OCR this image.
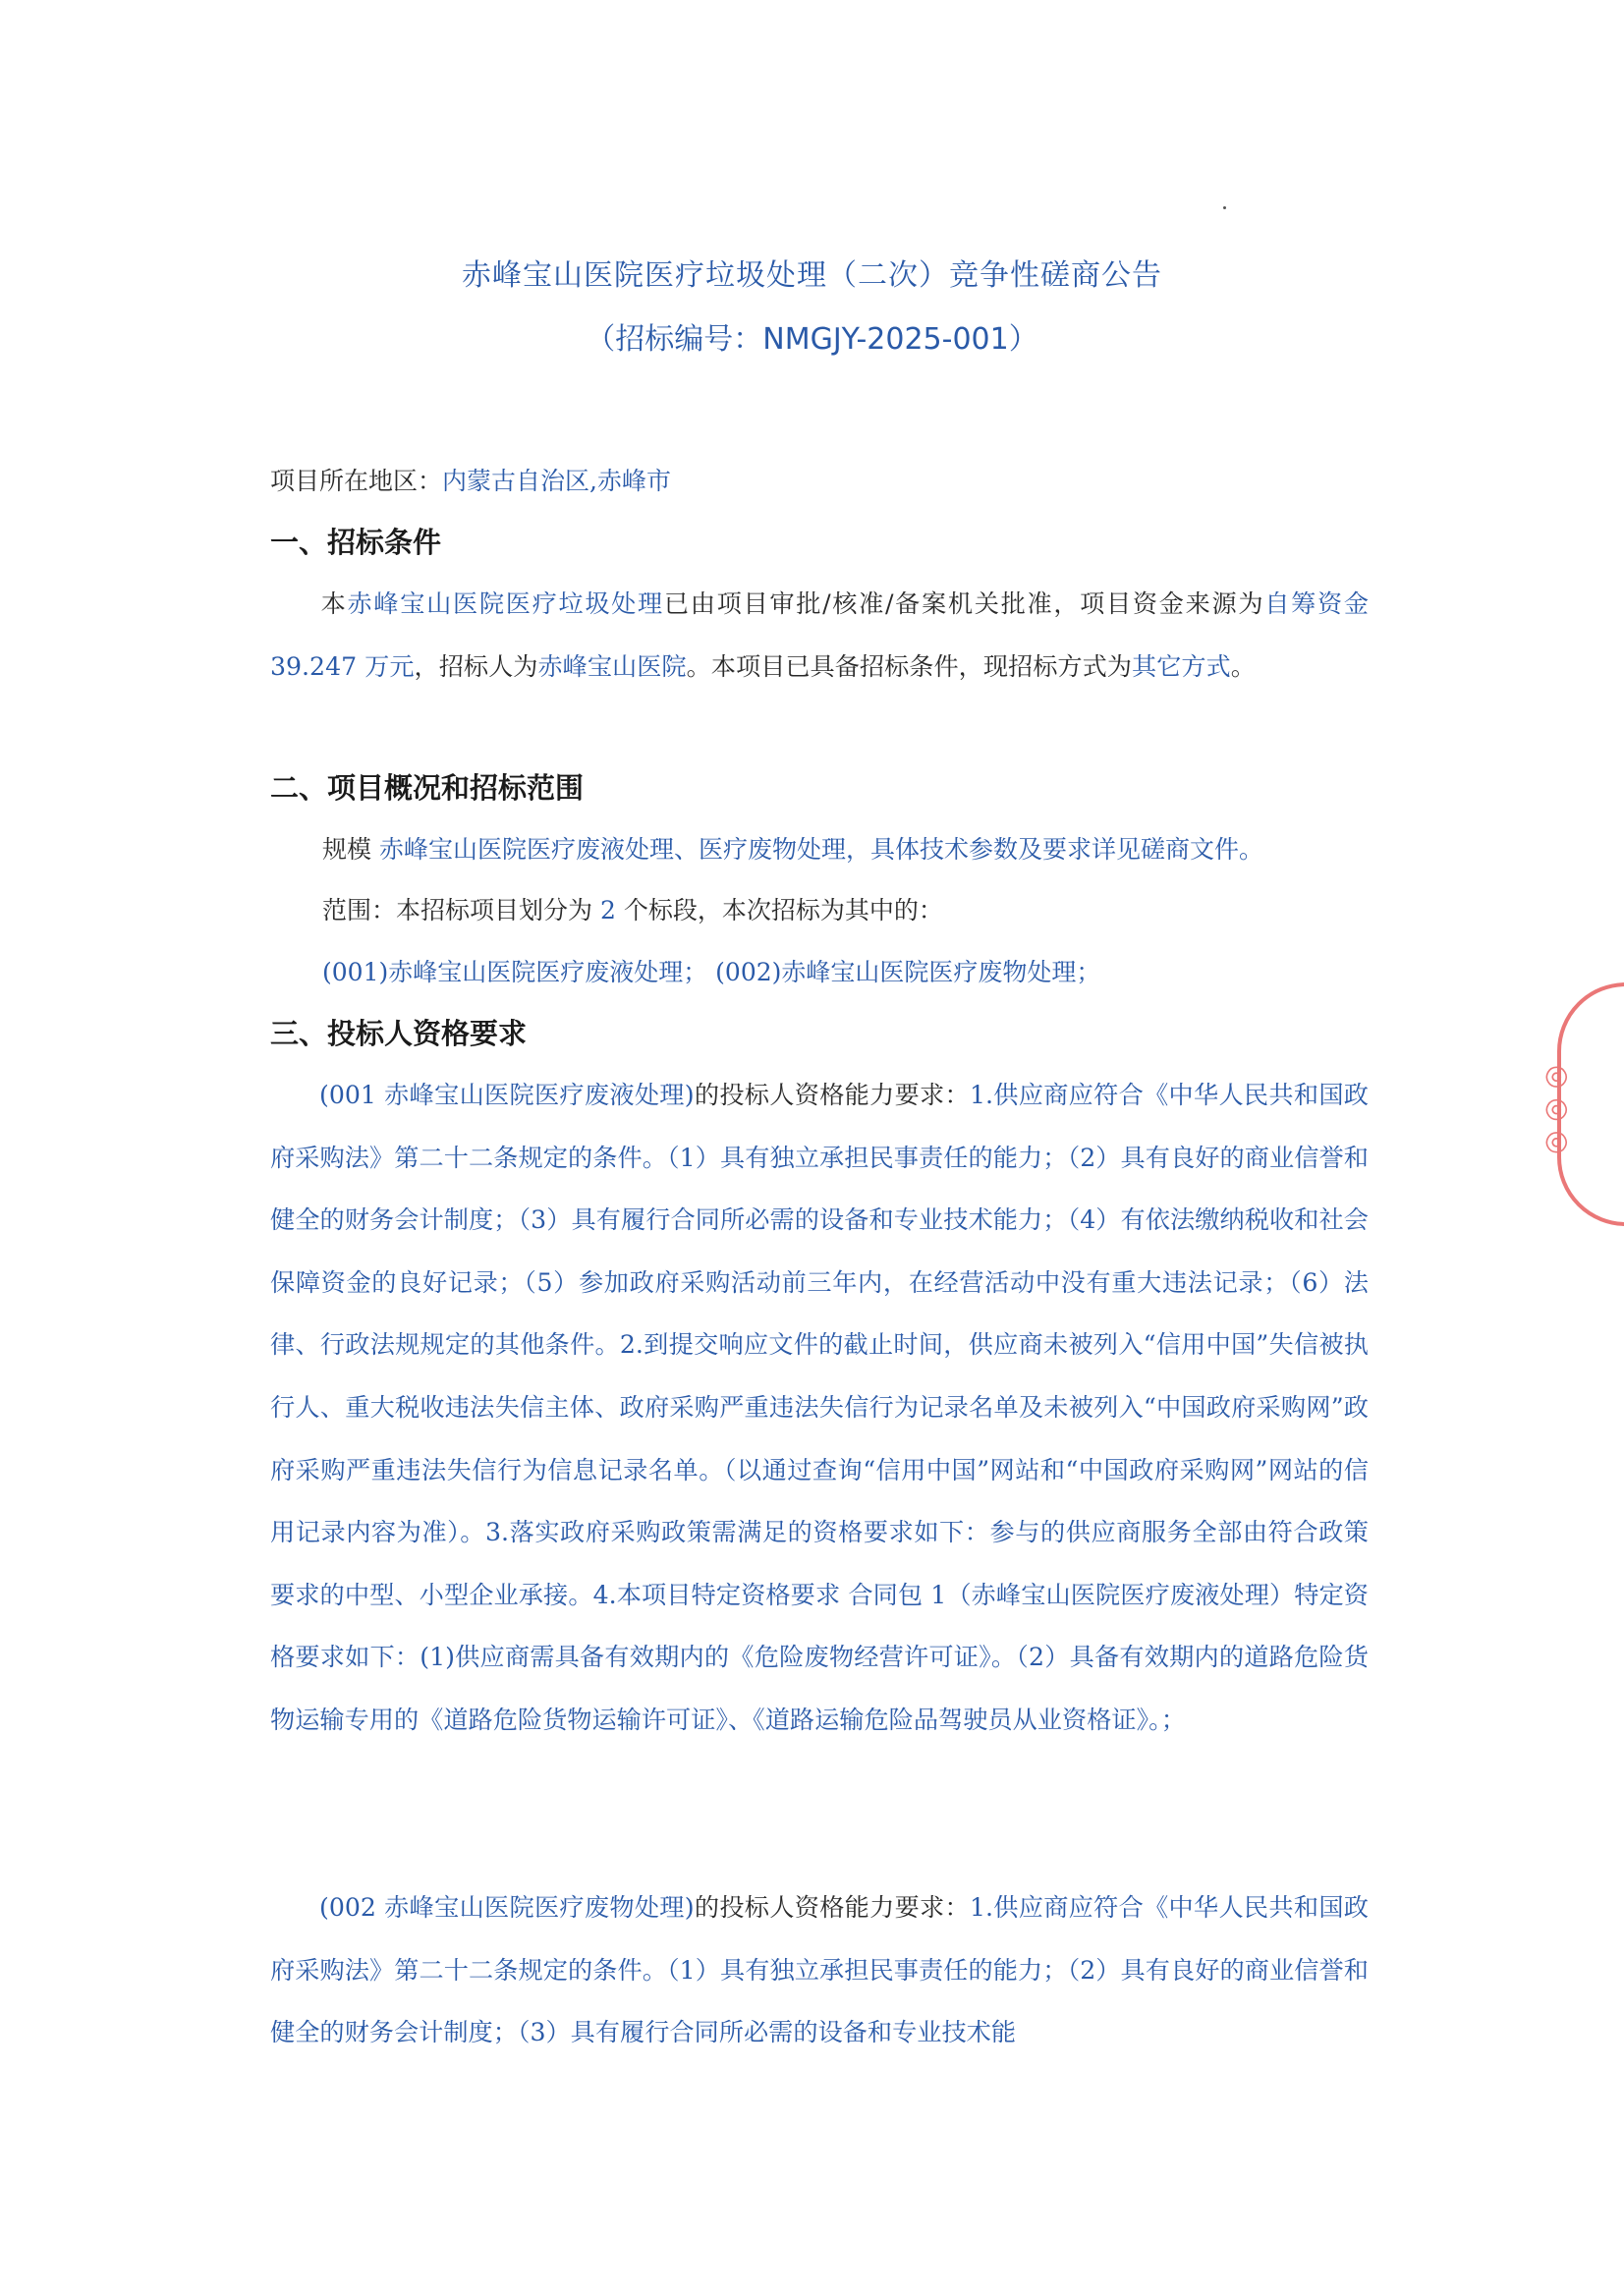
赤峰宝山医院医疗垃圾处理（二次）竞争性磋商公告
（招标编号：NMGJY-2025-001）
项目所在地区：内蒙古自治区,赤峰市
一、招标条件
本赤峰宝山医院医疗垃圾处理已由项目审批/核准/备案机关批准，项目资金来源为自筹资金 39.247 万元，招标人为赤峰宝山医院。本项目已具备招标条件，现招标方式为其它方式。
二、项目概况和招标范围
规模 赤峰宝山医院医疗废液处理、医疗废物处理，具体技术参数及要求详见磋商文件。
范围：本招标项目划分为 2 个标段，本次招标为其中的：
(001)赤峰宝山医院医疗废液处理； (002)赤峰宝山医院医疗废物处理；
三、投标人资格要求
(001 赤峰宝山医院医疗废液处理)的投标人资格能力要求：1.供应商应符合《中华人民共和国政府采购法》第二十二条规定的条件。（1）具有独立承担民事责任的能力；（2）具有良好的商业信誉和健全的财务会计制度；（3）具有履行合同所必需的设备和专业技术能力；（4）有依法缴纳税收和社会保障资金的良好记录；（5）参加政府采购活动前三年内，在经营活动中没有重大违法记录；（6）法律、行政法规规定的其他条件。2.到提交响应文件的截止时间，供应商未被列入“信用中国”失信被执行人、重大税收违法失信主体、政府采购严重违法失信行为记录名单及未被列入“中国政府采购网”政府采购严重违法失信行为信息记录名单。（以通过查询“信用中国”网站和“中国政府采购网”网站的信用记录内容为准）。3.落实政府采购政策需满足的资格要求如下：参与的供应商服务全部由符合政策要求的中型、小型企业承接。4.本项目特定资格要求 合同包 1（赤峰宝山医院医疗废液处理）特定资格要求如下：(1)供应商需具备有效期内的《危险废物经营许可证》。（2）具备有效期内的道路危险货物运输专用的《道路危险货物运输许可证》、《道路运输危险品驾驶员从业资格证》。；
(002 赤峰宝山医院医疗废物处理)的投标人资格能力要求：1.供应商应符合《中华人民共和国政府采购法》第二十二条规定的条件。（1）具有独立承担民事责任的能力；（2）具有良好的商业信誉和健全的财务会计制度；（3）具有履行合同所必需的设备和专业技术能
◎ ◎ ◎
